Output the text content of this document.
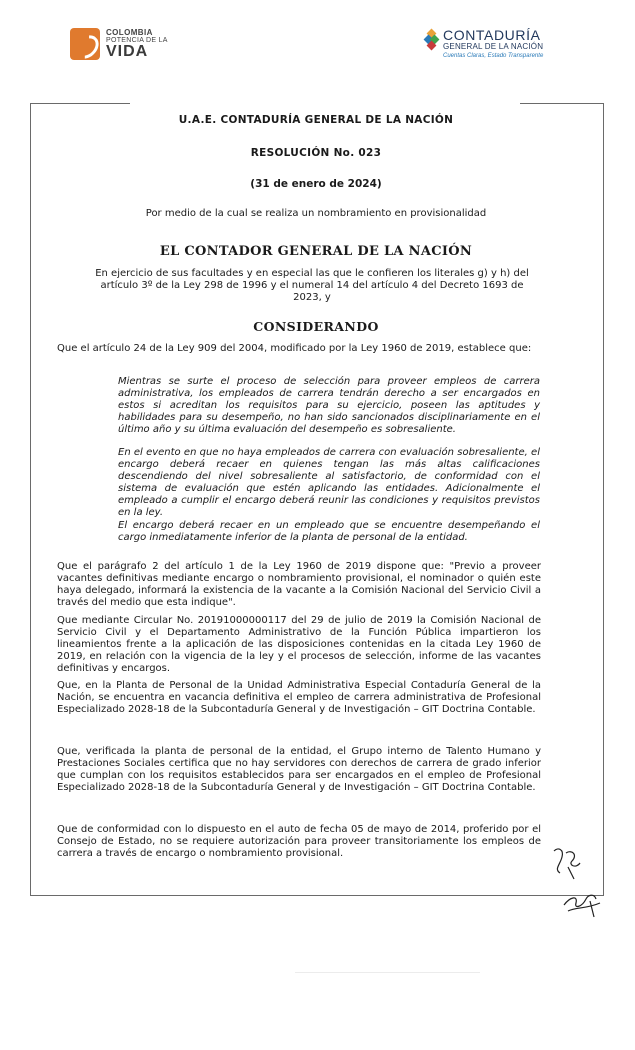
COLOMBIA
POTENCIA DE LA
VIDA
CONTADURÍA
GENERAL DE LA NACIÓN
Cuentas Claras, Estado Transparente
U.A.E. CONTADURÍA GENERAL DE LA NACIÓN
RESOLUCIÓN No. 023
(31 de enero de 2024)
Por medio de la cual se realiza un nombramiento en provisionalidad
EL CONTADOR GENERAL DE LA NACIÓN
En ejercicio de sus facultades y en especial las que le confieren los literales g) y h) del artículo 3º de la Ley 298 de 1996 y el numeral 14 del artículo 4 del Decreto 1693 de 2023, y
CONSIDERANDO
Que el artículo 24 de la Ley 909 del 2004, modificado por la Ley 1960 de 2019, establece que:
Mientras se surte el proceso de selección para proveer empleos de carrera administrativa, los empleados de carrera tendrán derecho a ser encargados en estos si acreditan los requisitos para su ejercicio, poseen las aptitudes y habilidades para su desempeño, no han sido sancionados disciplinariamente en el último año y su última evaluación del desempeño es sobresaliente.
En el evento en que no haya empleados de carrera con evaluación sobresaliente, el encargo deberá recaer en quienes tengan las más altas calificaciones descendiendo del nivel sobresaliente al satisfactorio, de conformidad con el sistema de evaluación que estén aplicando las entidades. Adicionalmente el empleado a cumplir el encargo deberá reunir las condiciones y requisitos previstos en la ley.
El encargo deberá recaer en un empleado que se encuentre desempeñando el cargo inmediatamente inferior de la planta de personal de la entidad.
Que el parágrafo 2 del artículo 1 de la Ley 1960 de 2019 dispone que: "Previo a proveer vacantes definitivas mediante encargo o nombramiento provisional, el nominador o quién este haya delegado, informará la existencia de la vacante a la Comisión Nacional del Servicio Civil a través del medio que esta indique".
Que mediante Circular No. 20191000000117 del 29 de julio de 2019 la Comisión Nacional de Servicio Civil y el Departamento Administrativo de la Función Pública impartieron los lineamientos frente a la aplicación de las disposiciones contenidas en la citada Ley 1960 de 2019, en relación con la vigencia de la ley y el procesos de selección, informe de las vacantes definitivas y encargos.
Que, en la Planta de Personal de la Unidad Administrativa Especial Contaduría General de la Nación, se encuentra en vacancia definitiva el empleo de carrera administrativa de Profesional Especializado 2028-18 de la Subcontaduría General y de Investigación – GIT Doctrina Contable.
Que, verificada la planta de personal de la entidad, el Grupo interno de Talento Humano y Prestaciones Sociales certifica que no hay servidores con derechos de carrera de grado inferior que cumplan con los requisitos establecidos para ser encargados en el empleo de Profesional Especializado 2028-18 de la Subcontaduría General y de Investigación – GIT Doctrina Contable.
Que de conformidad con lo dispuesto en el auto de fecha 05 de mayo de 2014, proferido por el Consejo de Estado, no se requiere autorización para proveer transitoriamente los empleos de carrera a través de encargo o nombramiento provisional.
